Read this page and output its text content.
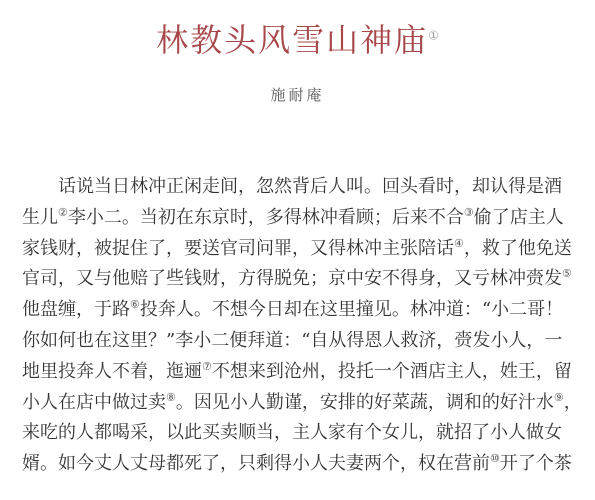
林教头风雪山神庙①
施耐庵
话说当日林冲正闲走间，忽然背后人叫。回头看时，却认得是酒
生儿②李小二。当初在东京时，多得林冲看顾；后来不合③偷了店主人
家钱财，被捉住了，要送官司问罪，又得林冲主张陪话④，救了他免送
官司，又与他赔了些钱财，方得脱免；京中安不得身，又亏林冲赍发⑤
他盘缠，于路⑥投奔人。不想今日却在这里撞见。林冲道：“小二哥！
你如何也在这里？”李小二便拜道：“自从得恩人救济，赍发小人，一
地里投奔人不着，迤逦⑦不想来到沧州，投托一个酒店主人，姓王，留
小人在店中做过卖⑧。因见小人勤谨，安排的好菜蔬，调和的好汁水⑨，
来吃的人都喝采，以此买卖顺当，主人家有个女儿，就招了小人做女
婿。如今丈人丈母都死了，只剩得小人夫妻两个，权在营前⑩开了个茶
